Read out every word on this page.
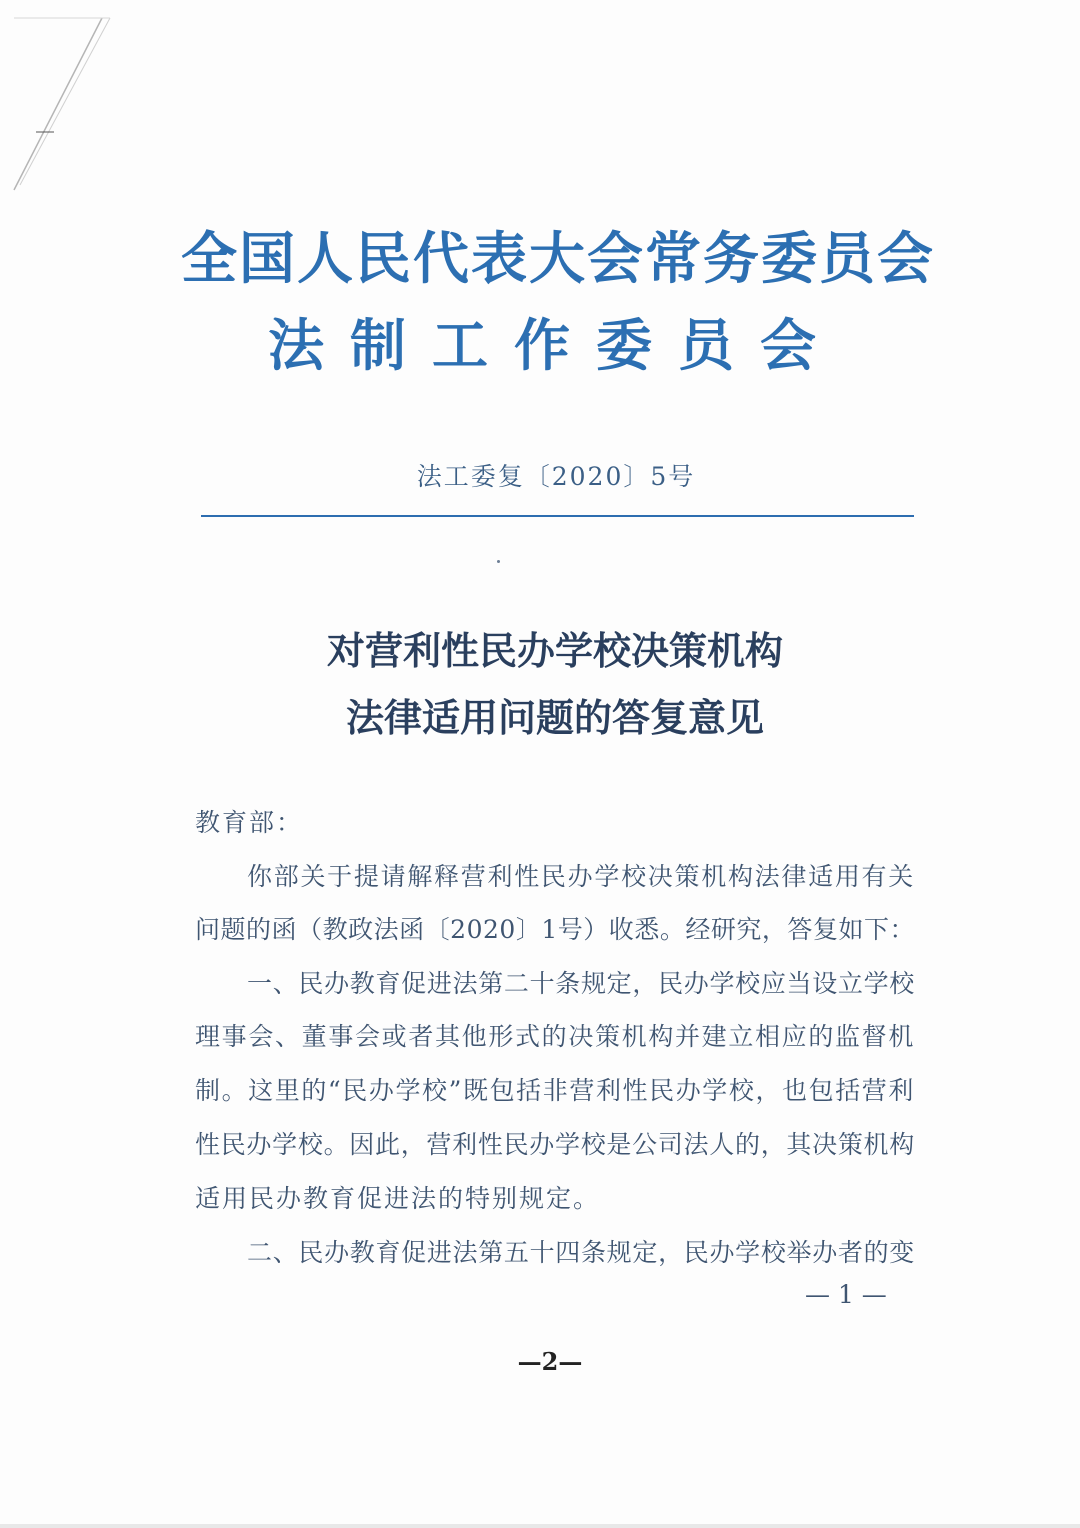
全国人民代表大会常务委员会
法制工作委员会
法工委复〔2020〕5号
对营利性民办学校决策机构
法律适用问题的答复意见
教育部：
你部关于提请解释营利性民办学校决策机构法律适用有关
问题的函（教政法函〔2020〕1号）收悉。经研究，答复如下：
一、民办教育促进法第二十条规定，民办学校应当设立学校
理事会、董事会或者其他形式的决策机构并建立相应的监督机
制。这里的“民办学校”既包括非营利性民办学校，也包括营利
性民办学校。因此，营利性民办学校是公司法人的，其决策机构
适用民办教育促进法的特别规定。
二、民办教育促进法第五十四条规定，民办学校举办者的变
— 1 —
—2—
